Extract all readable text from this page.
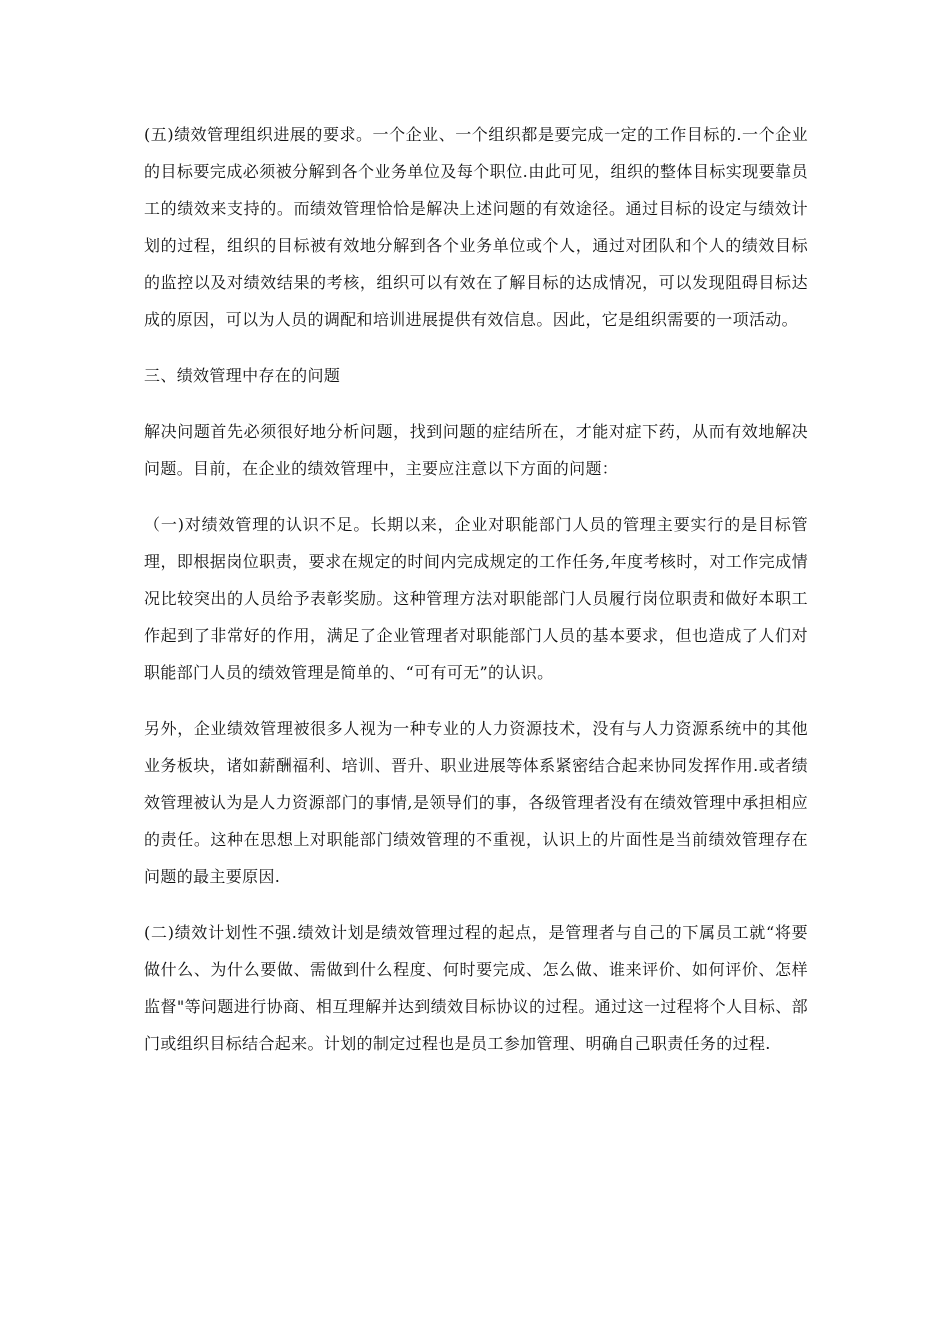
(五)绩效管理组织进展的要求。一个企业、一个组织都是要完成一定的工作目标的.一个企业的目标要完成必须被分解到各个业务单位及每个职位.由此可见，组织的整体目标实现要靠员工的绩效来支持的。而绩效管理恰恰是解决上述问题的有效途径。通过目标的设定与绩效计划的过程，组织的目标被有效地分解到各个业务单位或个人，通过对团队和个人的绩效目标的监控以及对绩效结果的考核，组织可以有效在了解目标的达成情况，可以发现阻碍目标达成的原因，可以为人员的调配和培训进展提供有效信息。因此，它是组织需要的一项活动。

三、绩效管理中存在的问题

解决问题首先必须很好地分析问题，找到问题的症结所在，才能对症下药，从而有效地解决问题。目前，在企业的绩效管理中，主要应注意以下方面的问题：

（一)对绩效管理的认识不足。长期以来，企业对职能部门人员的管理主要实行的是目标管理，即根据岗位职责，要求在规定的时间内完成规定的工作任务,年度考核时，对工作完成情况比较突出的人员给予表彰奖励。这种管理方法对职能部门人员履行岗位职责和做好本职工作起到了非常好的作用，满足了企业管理者对职能部门人员的基本要求，但也造成了人们对职能部门人员的绩效管理是简单的、“可有可无”的认识。

另外，企业绩效管理被很多人视为一种专业的人力资源技术，没有与人力资源系统中的其他业务板块，诸如薪酬福利、培训、晋升、职业进展等体系紧密结合起来协同发挥作用.或者绩效管理被认为是人力资源部门的事情,是领导们的事，各级管理者没有在绩效管理中承担相应的责任。这种在思想上对职能部门绩效管理的不重视，认识上的片面性是当前绩效管理存在问题的最主要原因.

(二)绩效计划性不强.绩效计划是绩效管理过程的起点，是管理者与自己的下属员工就“将要做什么、为什么要做、需做到什么程度、何时要完成、怎么做、谁来评价、如何评价、怎样监督"等问题进行协商、相互理解并达到绩效目标协议的过程。通过这一过程将个人目标、部门或组织目标结合起来。计划的制定过程也是员工参加管理、明确自己职责任务的过程.
